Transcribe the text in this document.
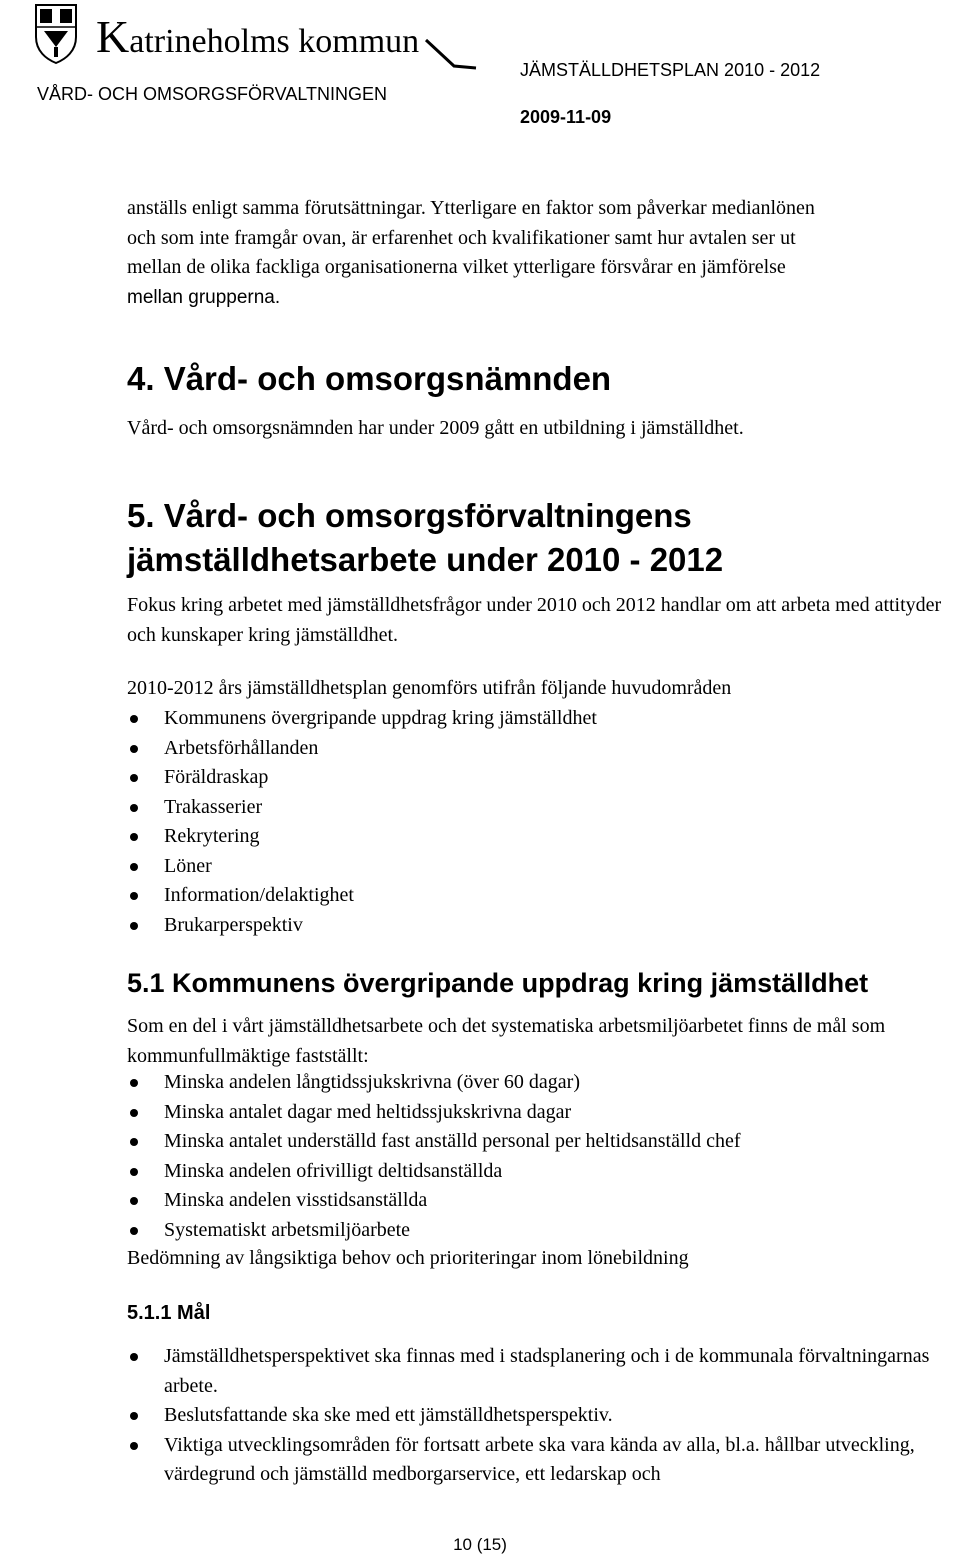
Katrineholms kommun
VÅRD- OCH OMSORGSFÖRVALTNINGEN
JÄMSTÄLLDHETSPLAN 2010 - 2012
2009-11-09
anställs enligt samma förutsättningar. Ytterligare en faktor som påverkar medianlönen
och som inte framgår ovan, är erfarenhet och kvalifikationer samt hur avtalen ser ut
mellan de olika fackliga organisationerna vilket ytterligare försvårar en jämförelse
mellan grupperna.
4. Vård- och omsorgsnämnden

Vård- och omsorgsnämnden har under 2009 gått en utbildning i jämställdhet.

5. Vård- och omsorgsförvaltningens
jämställdhetsarbete under 2010 - 2012

Fokus kring arbetet med jämställdhetsfrågor under 2010 och 2012 handlar om att arbeta med attityder och kunskaper kring jämställdhet.

2010-2012 års jämställdhetsplan genomförs utifrån följande huvudområden

Kommunens övergripande uppdrag kring jämställdhet
Arbetsförhållanden
Föräldraskap
Trakasserier
Rekrytering
Löner
Information/delaktighet
Brukarperspektiv
5.1 Kommunens övergripande uppdrag kring jämställdhet

Som en del i vårt jämställdhetsarbete och det systematiska arbetsmiljöarbetet finns de mål som kommunfullmäktige fastställt:

Minska andelen långtidssjukskrivna (över 60 dagar)
Minska antalet dagar med heltidssjukskrivna dagar
Minska antalet underställd fast anställd personal per heltidsanställd chef
Minska andelen ofrivilligt deltidsanställda
Minska andelen visstidsanställda
Systematiskt arbetsmiljöarbete

Bedömning av långsiktiga behov och prioriteringar inom lönebildning

5.1.1 Mål
Jämställdhetsperspektivet ska finnas med i stadsplanering och i de kommunala förvaltningarnas arbete.
Beslutsfattande ska ske med ett jämställdhetsperspektiv.
Viktiga utvecklingsområden för fortsatt arbete ska vara kända av alla, bl.a. hållbar utveckling, värdegrund och jämställd medborgarservice, ett ledarskap och
10 (15)
